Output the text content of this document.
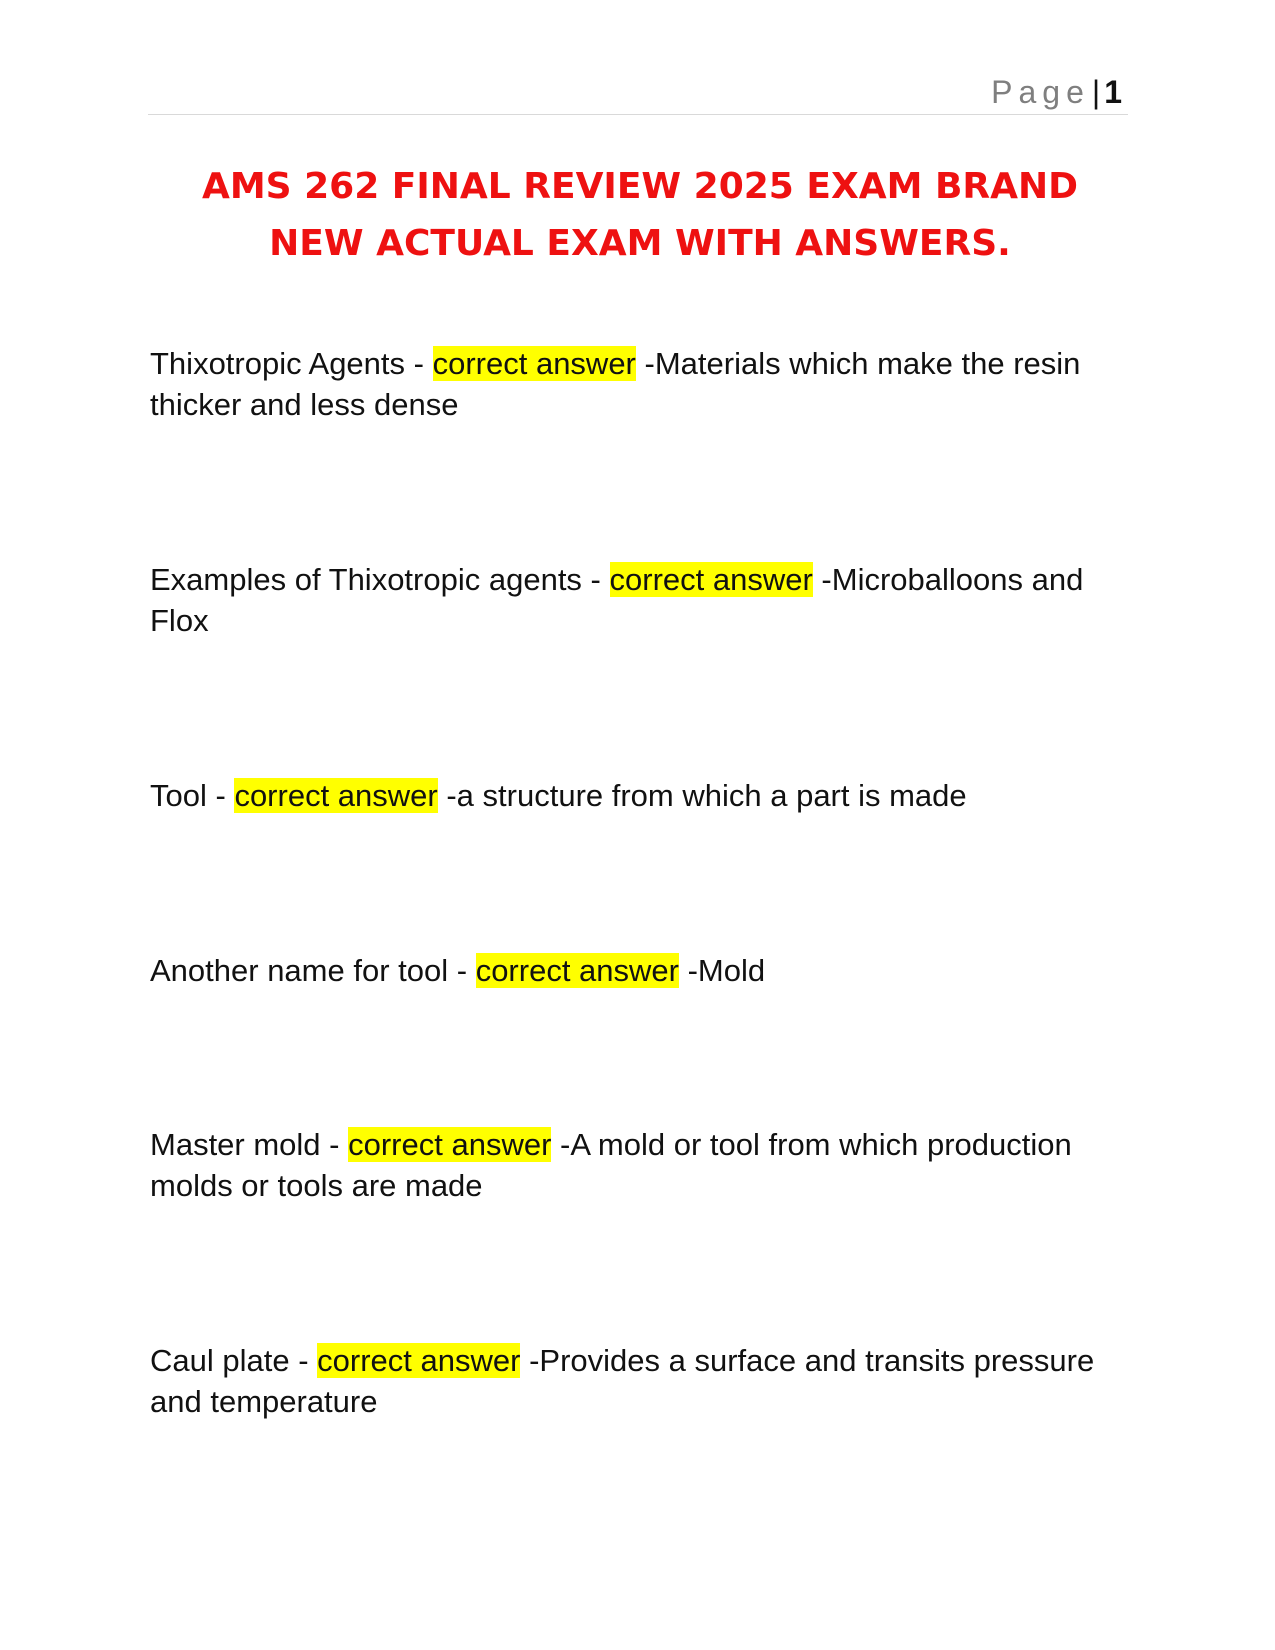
Page| 1
AMS 262 FINAL REVIEW 2025 EXAM BRAND NEW ACTUAL EXAM WITH ANSWERS.

Thixotropic Agents - correct answer -Materials which make the resin thicker and less dense

Examples of Thixotropic agents - correct answer -Microballoons and Flox

Tool - correct answer -a structure from which a part is made

Another name for tool - correct answer -Mold

Master mold - correct answer -A mold or tool from which production molds or tools are made

Caul plate - correct answer -Provides a surface and transits pressure and temperature
